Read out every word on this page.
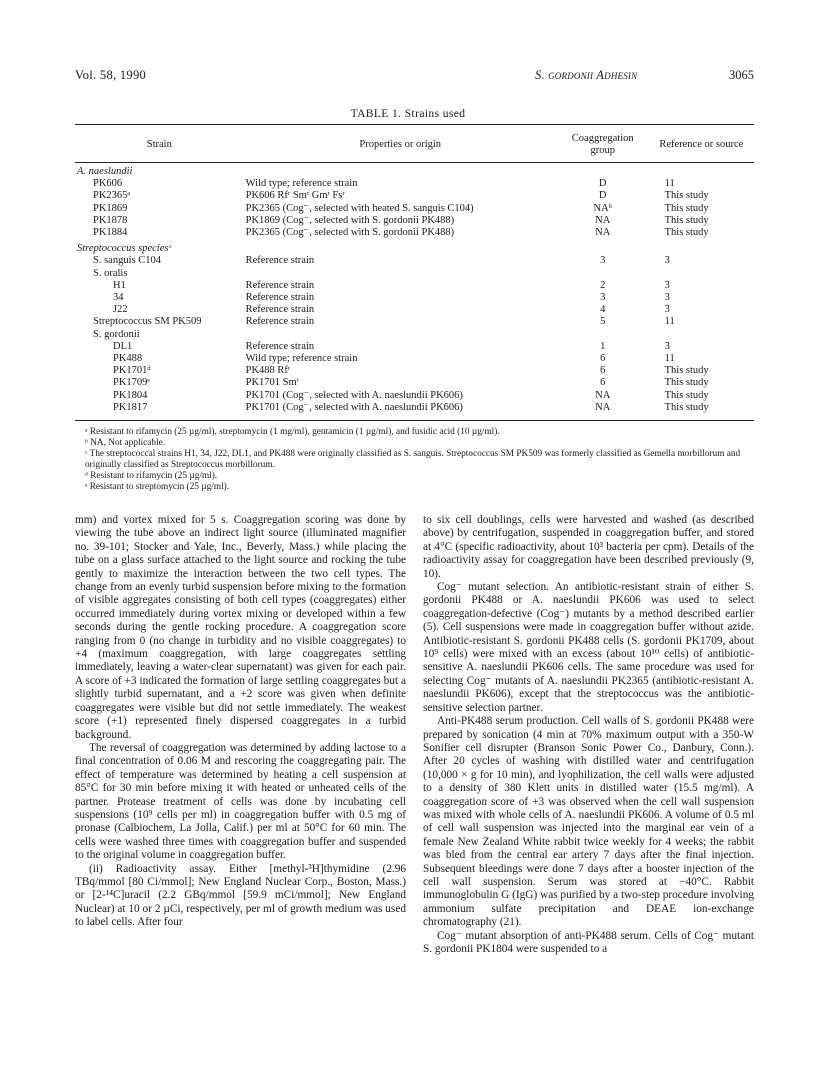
Vol. 58, 1990	S. gordonii Adhesin	3065
TABLE 1. Strains used
Strain	Properties or origin	Coaggregation group	Reference or source
A. naeslundii			
PK606	Wild type; reference strain	D	11
PK2365ᵃ	PK606 Rfʳ Smʳ Gmʳ Fsʳ	D	This study
PK1869	PK2365 (Cog⁻, selected with heated S. sanguis C104)	NAᵇ	This study
PK1878	PK1869 (Cog⁻, selected with S. gordonii PK488)	NA	This study
PK1884	PK2365 (Cog⁻, selected with S. gordonii PK488)	NA	This study
Streptococcus speciesᶜ			
S. sanguis C104	Reference strain	3	3
S. oralis			
H1	Reference strain	2	3
34	Reference strain	3	3
J22	Reference strain	4	3
Streptococcus SM PK509	Reference strain	5	11
S. gordonii			
DL1	Reference strain	1	3
PK488	Wild type; reference strain	6	11
PK1701ᵈ	PK488 Rfʳ	6	This study
PK1709ᵉ	PK1701 Smʳ	6	This study
PK1804	PK1701 (Cog⁻, selected with A. naeslundii PK606)	NA	This study
PK1817	PK1701 (Cog⁻, selected with A. naeslundii PK606)	NA	This study

ᵃ Resistant to rifamycin (25 µg/ml), streptomycin (1 mg/ml), gentamicin (1 µg/ml), and fusidic acid (10 µg/ml).

ᵇ NA, Not applicable.

ᶜ The streptococcal strains H1, 34, J22, DL1, and PK488 were originally classified as S. sanguis. Streptococcus SM PK509 was formerly classified as Gemella morbillorum and originally classified as Streptococcus morbillorum.

ᵈ Resistant to rifamycin (25 µg/ml).

ᵉ Resistant to streptomycin (25 µg/ml).

mm) and vortex mixed for 5 s. Coaggregation scoring was done by viewing the tube above an indirect light source (illuminated magnifier no. 39-101; Stocker and Yale, Inc., Beverly, Mass.) while placing the tube on a glass surface attached to the light source and rocking the tube gently to maximize the interaction between the two cell types. The change from an evenly turbid suspension before mixing to the formation of visible aggregates consisting of both cell types (coaggregates) either occurred immediately during vortex mixing or developed within a few seconds during the gentle rocking procedure. A coaggregation score ranging from 0 (no change in turbidity and no visible coaggregates) to +4 (maximum coaggregation, with large coaggregates settling immediately, leaving a water-clear supernatant) was given for each pair. A score of +3 indicated the formation of large settling coaggregates but a slightly turbid supernatant, and a +2 score was given when definite coaggregates were visible but did not settle immediately. The weakest score (+1) represented finely dispersed coaggregates in a turbid background.

The reversal of coaggregation was determined by adding lactose to a final concentration of 0.06 M and rescoring the coaggregating pair. The effect of temperature was determined by heating a cell suspension at 85°C for 30 min before mixing it with heated or unheated cells of the partner. Protease treatment of cells was done by incubating cell suspensions (10⁹ cells per ml) in coaggregation buffer with 0.5 mg of pronase (Calbiochem, La Jolla, Calif.) per ml at 50°C for 60 min. The cells were washed three times with coaggregation buffer and suspended to the original volume in coaggregation buffer.

(ii) Radioactivity assay. Either [methyl-³H]thymidine (2.96 TBq/mmol [80 Ci/mmol]; New England Nuclear Corp., Boston, Mass.) or [2-¹⁴C]uracil (2.2 GBq/mmol [59.9 mCi/mmol]; New England Nuclear) at 10 or 2 µCi, respectively, per ml of growth medium was used to label cells. After four

to six cell doublings, cells were harvested and washed (as described above) by centrifugation, suspended in coaggregation buffer, and stored at 4°C (specific radioactivity, about 10³ bacteria per cpm). Details of the radioactivity assay for coaggregation have been described previously (9, 10).

Cog⁻ mutant selection. An antibiotic-resistant strain of either S. gordonii PK488 or A. naeslundii PK606 was used to select coaggregation-defective (Cog⁻) mutants by a method described earlier (5). Cell suspensions were made in coaggregation buffer without azide. Antibiotic-resistant S. gordonii PK488 cells (S. gordonii PK1709, about 10⁹ cells) were mixed with an excess (about 10¹⁰ cells) of antibiotic-sensitive A. naeslundii PK606 cells. The same procedure was used for selecting Cog⁻ mutants of A. naeslundii PK2365 (antibiotic-resistant A. naeslundii PK606), except that the streptococcus was the antibiotic-sensitive selection partner.

Anti-PK488 serum production. Cell walls of S. gordonii PK488 were prepared by sonication (4 min at 70% maximum output with a 350-W Sonifier cell disrupter (Branson Sonic Power Co., Danbury, Conn.). After 20 cycles of washing with distilled water and centrifugation (10,000 × g for 10 min), and lyophilization, the cell walls were adjusted to a density of 380 Klett units in distilled water (15.5 mg/ml). A coaggregation score of +3 was observed when the cell wall suspension was mixed with whole cells of A. naeslundii PK606. A volume of 0.5 ml of cell wall suspension was injected into the marginal ear vein of a female New Zealand White rabbit twice weekly for 4 weeks; the rabbit was bled from the central ear artery 7 days after the final injection. Subsequent bleedings were done 7 days after a booster injection of the cell wall suspension. Serum was stored at −40°C. Rabbit immunoglobulin G (IgG) was purified by a two-step procedure involving ammonium sulfate precipitation and DEAE ion-exchange chromatography (21).

Cog⁻ mutant absorption of anti-PK488 serum. Cells of Cog⁻ mutant S. gordonii PK1804 were suspended to a
